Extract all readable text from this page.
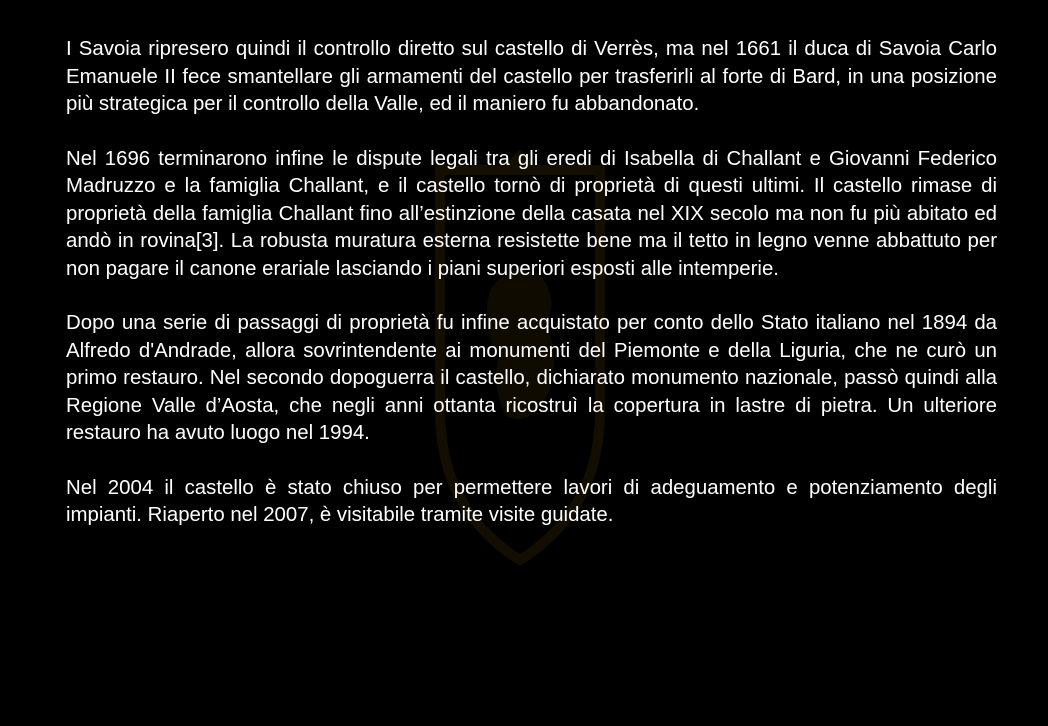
I Savoia ripresero quindi il controllo diretto sul castello di Verrès, ma nel 1661 il duca di Savoia Carlo Emanuele II fece smantellare gli armamenti del castello per trasferirli al forte di Bard, in una posizione più strategica per il controllo della Valle, ed il maniero fu abbandonato.

Nel 1696 terminarono infine le dispute legali tra gli eredi di Isabella di Challant e Giovanni Federico Madruzzo e la famiglia Challant, e il castello tornò di proprietà di questi ultimi. Il castello rimase di proprietà della famiglia Challant fino all’estinzione della casata nel XIX secolo ma non fu più abitato ed andò in rovina[3]. La robusta muratura esterna resistette bene ma il tetto in legno venne abbattuto per non pagare il canone erariale lasciando i piani superiori esposti alle intemperie.

Dopo una serie di passaggi di proprietà fu infine acquistato per conto dello Stato italiano nel 1894 da Alfredo d'Andrade, allora sovrintendente ai monumenti del Piemonte e della Liguria, che ne curò un primo restauro. Nel secondo dopoguerra il castello, dichiarato monumento nazionale, passò quindi alla Regione Valle d’Aosta, che negli anni ottanta ricostruì la copertura in lastre di pietra. Un ulteriore restauro ha avuto luogo nel 1994.

Nel 2004 il castello è stato chiuso per permettere lavori di adeguamento e potenziamento degli impianti. Riaperto nel 2007, è visitabile tramite visite guidate.
